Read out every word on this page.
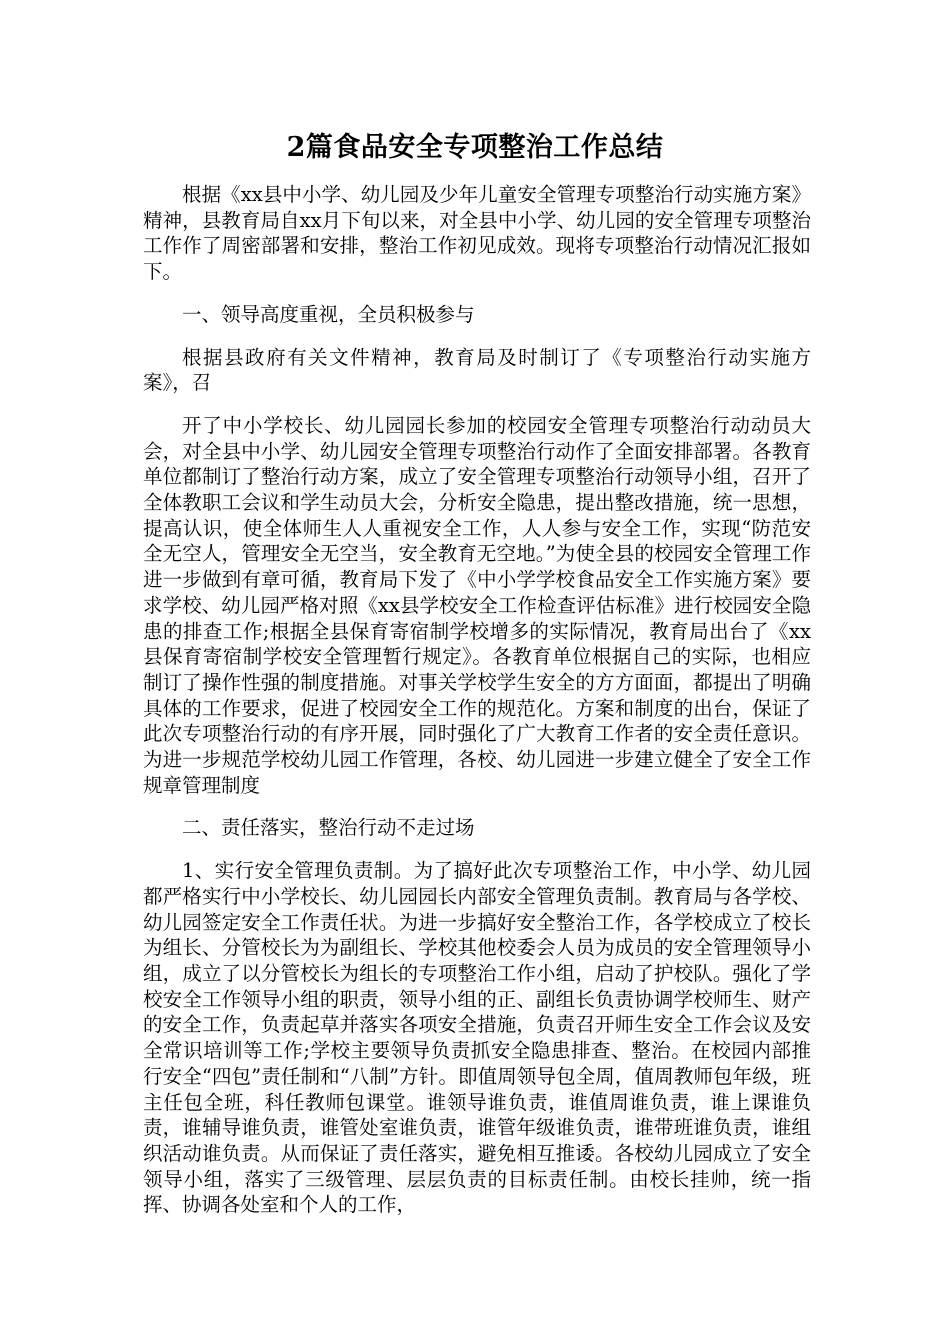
2篇食品安全专项整治工作总结

根据《xx县中小学、幼儿园及少年儿童安全管理专项整治行动实施方案》精神，县教育局自xx月下旬以来，对全县中小学、幼儿园的安全管理专项整治工作作了周密部署和安排，整治工作初见成效。现将专项整治行动情况汇报如下。

一、领导高度重视，全员积极参与

根据县政府有关文件精神，教育局及时制订了《专项整治行动实施方案》，召

开了中小学校长、幼儿园园长参加的校园安全管理专项整治行动动员大会，对全县中小学、幼儿园安全管理专项整治行动作了全面安排部署。各教育单位都制订了整治行动方案，成立了安全管理专项整治行动领导小组，召开了全体教职工会议和学生动员大会，分析安全隐患，提出整改措施，统一思想，提高认识，使全体师生人人重视安全工作，人人参与安全工作，实现“防范安全无空人，管理安全无空当，安全教育无空地。”为使全县的校园安全管理工作进一步做到有章可循，教育局下发了《中小学学校食品安全工作实施方案》要求学校、幼儿园严格对照《xx县学校安全工作检查评估标准》进行校园安全隐患的排查工作;根据全县保育寄宿制学校增多的实际情况，教育局出台了《xx县保育寄宿制学校安全管理暂行规定》。各教育单位根据自己的实际，也相应制订了操作性强的制度措施。对事关学校学生安全的方方面面，都提出了明确具体的工作要求，促进了校园安全工作的规范化。方案和制度的出台，保证了此次专项整治行动的有序开展，同时强化了广大教育工作者的安全责任意识。为进一步规范学校幼儿园工作管理，各校、幼儿园进一步建立健全了安全工作规章管理制度

二、责任落实，整治行动不走过场

1、实行安全管理负责制。为了搞好此次专项整治工作，中小学、幼儿园都严格实行中小学校长、幼儿园园长内部安全管理负责制。教育局与各学校、幼儿园签定安全工作责任状。为进一步搞好安全整治工作，各学校成立了校长为组长、分管校长为为副组长、学校其他校委会人员为成员的安全管理领导小组，成立了以分管校长为组长的专项整治工作小组，启动了护校队。强化了学校安全工作领导小组的职责，领导小组的正、副组长负责协调学校师生、财产的安全工作，负责起草并落实各项安全措施，负责召开师生安全工作会议及安全常识培训等工作;学校主要领导负责抓安全隐患排查、整治。在校园内部推行安全“四包”责任制和“八制”方针。即值周领导包全周，值周教师包年级，班主任包全班，科任教师包课堂。谁领导谁负责，谁值周谁负责，谁上课谁负责，谁辅导谁负责，谁管处室谁负责，谁管年级谁负责，谁带班谁负责，谁组织活动谁负责。从而保证了责任落实，避免相互推诿。各校幼儿园成立了安全领导小组，落实了三级管理、层层负责的目标责任制。由校长挂帅，统一指挥、协调各处室和个人的工作，
